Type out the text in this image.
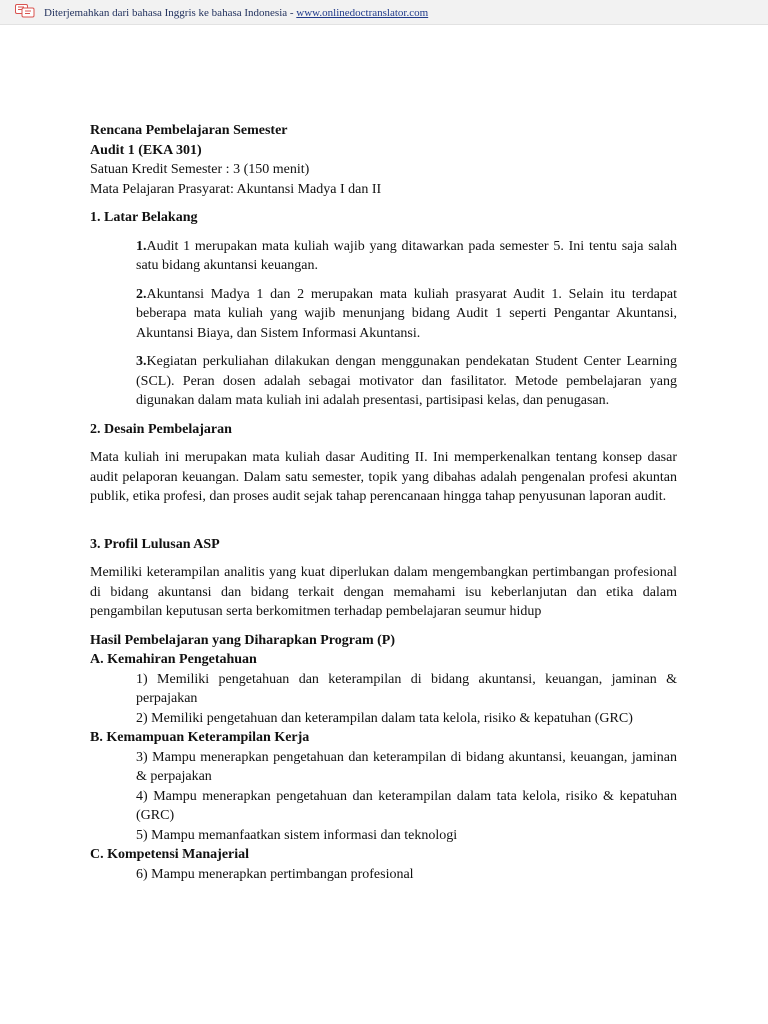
Diterjemahkan dari bahasa Inggris ke bahasa Indonesia - www.onlinedoctranslator.com
Rencana Pembelajaran Semester
Audit 1 (EKA 301)
Satuan Kredit Semester : 3 (150 menit)
Mata Pelajaran Prasyarat: Akuntansi Madya I dan II
1. Latar Belakang
1.Audit 1 merupakan mata kuliah wajib yang ditawarkan pada semester 5. Ini tentu saja salah satu bidang akuntansi keuangan.
2.Akuntansi Madya 1 dan 2 merupakan mata kuliah prasyarat Audit 1. Selain itu terdapat beberapa mata kuliah yang wajib menunjang bidang Audit 1 seperti Pengantar Akuntansi, Akuntansi Biaya, dan Sistem Informasi Akuntansi.
3.Kegiatan perkuliahan dilakukan dengan menggunakan pendekatan Student Center Learning (SCL). Peran dosen adalah sebagai motivator dan fasilitator. Metode pembelajaran yang digunakan dalam mata kuliah ini adalah presentasi, partisipasi kelas, dan penugasan.
2. Desain Pembelajaran
Mata kuliah ini merupakan mata kuliah dasar Auditing II. Ini memperkenalkan tentang konsep dasar audit pelaporan keuangan. Dalam satu semester, topik yang dibahas adalah pengenalan profesi akuntan publik, etika profesi, dan proses audit sejak tahap perencanaan hingga tahap penyusunan laporan audit.
3. Profil Lulusan ASP
Memiliki keterampilan analitis yang kuat diperlukan dalam mengembangkan pertimbangan profesional di bidang akuntansi dan bidang terkait dengan memahami isu keberlanjutan dan etika dalam pengambilan keputusan serta berkomitmen terhadap pembelajaran seumur hidup
Hasil Pembelajaran yang Diharapkan Program (P)
A. Kemahiran Pengetahuan
1) Memiliki pengetahuan dan keterampilan di bidang akuntansi, keuangan, jaminan & perpajakan
2) Memiliki pengetahuan dan keterampilan dalam tata kelola, risiko & kepatuhan (GRC)
B. Kemampuan Keterampilan Kerja
3) Mampu menerapkan pengetahuan dan keterampilan di bidang akuntansi, keuangan, jaminan & perpajakan
4) Mampu menerapkan pengetahuan dan keterampilan dalam tata kelola, risiko & kepatuhan (GRC)
5) Mampu memanfaatkan sistem informasi dan teknologi
C. Kompetensi Manajerial
6) Mampu menerapkan pertimbangan profesional
